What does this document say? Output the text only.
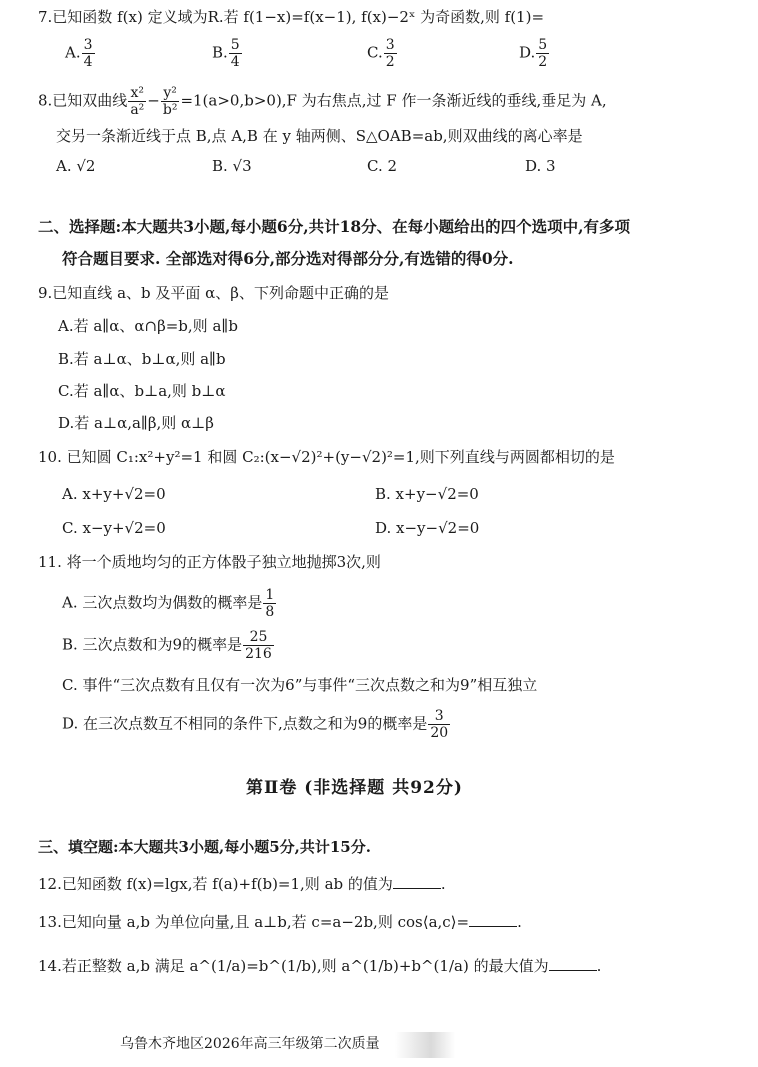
7.已知函数 f(x) 定义域为R.若 f(1−x)=f(x−1), f(x)−2ˣ 为奇函数,则 f(1)=
A. $\frac{3}{4}$	B. $\frac{5}{4}$	C. $\frac{3}{2}$	D. $\frac{5}{2}$
8.已知双曲线 $\frac{\text{x²}}{\text{a²}} - \frac{\text{y²}}{\text{b²}} =1(a>0,b>0),F$ 为右焦点,过 F 作一条渐近线的垂线,垂足为 A,
交另一条渐近线于点 B,点 A,B 在 y 轴两侧、S△OAB=ab,则双曲线的离心率是
A. √2	B. √3	C. 2	D. 3
二、选择题:本大题共3小题,每小题6分,共计18分、在每小题给出的四个选项中,有多项
符合题目要求. 全部选对得6分,部分选对得部分分,有选错的得0分.
9.已知直线 a、b 及平面 α、β、下列命题中正确的是
A.若 a∥α、α∩β=b,则 a∥b
B.若 a⊥α、b⊥α,则 a∥b
C.若 a∥α、b⊥a,则 b⊥α
D.若 a⊥α,a∥β,则 α⊥β
10. 已知圆 C₁:x²+y²=1 和圆 C₂:(x−√2)²+(y−√2)²=1,则下列直线与两圆都相切的是
A. x+y+√2=0	B. x+y−√2=0
C. x−y+√2=0	D. x−y−√2=0
11. 将一个质地均匀的正方体骰子独立地抛掷3次,则
A. 三次点数均为偶数的概率是 $\frac{1}{8}$
B. 三次点数和为9的概率是 $\frac{25}{216}$
C. 事件“三次点数有且仅有一次为6”与事件“三次点数之和为9”相互独立
D. 在三次点数互不相同的条件下,点数之和为9的概率是 $\frac{3}{20}$
第Ⅱ卷 (非选择题 共92分)
三、填空题:本大题共3小题,每小题5分,共计15分.
12.已知函数 f(x)=lgx,若 f(a)+f(b)=1,则 ab 的值为	.
13.已知向量 a,b 为单位向量,且 a⊥b,若 c=a−2b,则 cos⟨a,c⟩=	.
14.若正整数 a,b 满足 a^(1/a)=b^(1/b),则 a^(1/b)+b^(1/a) 的最大值为	.
乌鲁木齐地区2026年高三年级第二次质量
